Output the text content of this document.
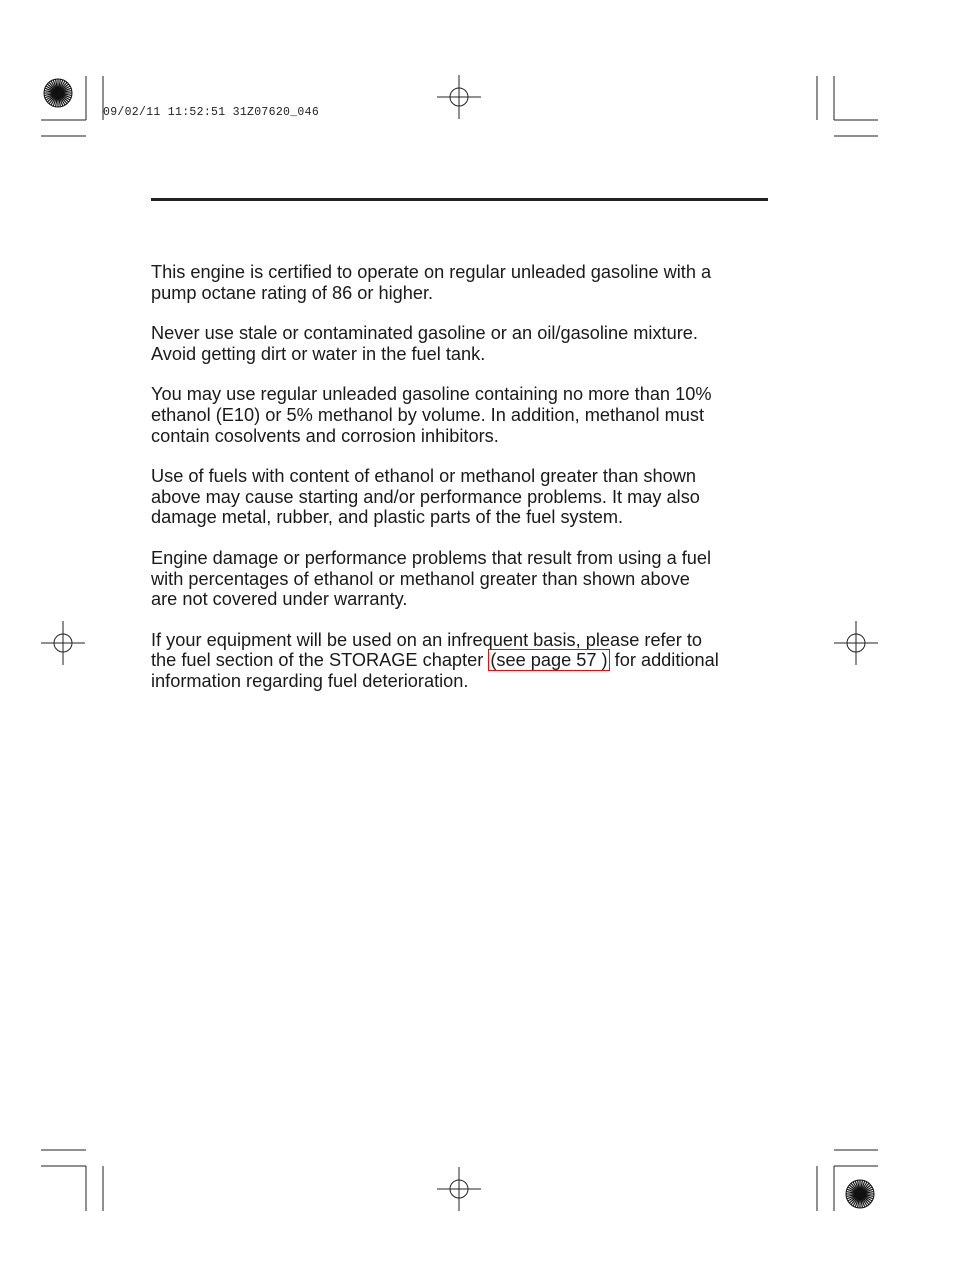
09/02/11 11:52:51 31Z07620_046

This engine is certified to operate on regular unleaded gasoline with a
pump octane rating of 86 or higher.

Never use stale or contaminated gasoline or an oil/gasoline mixture.
Avoid getting dirt or water in the fuel tank.

You may use regular unleaded gasoline containing no more than 10%
ethanol (E10) or 5% methanol by volume. In addition, methanol must
contain cosolvents and corrosion inhibitors.

Use of fuels with content of ethanol or methanol greater than shown
above may cause starting and/or performance problems. It may also
damage metal, rubber, and plastic parts of the fuel system.

Engine damage or performance problems that result from using a fuel
with percentages of ethanol or methanol greater than shown above
are not covered under warranty.

If your equipment will be used on an infrequent basis, please refer to
the fuel section of the STORAGE chapter (see page 57 ) for additional
information regarding fuel deterioration.
